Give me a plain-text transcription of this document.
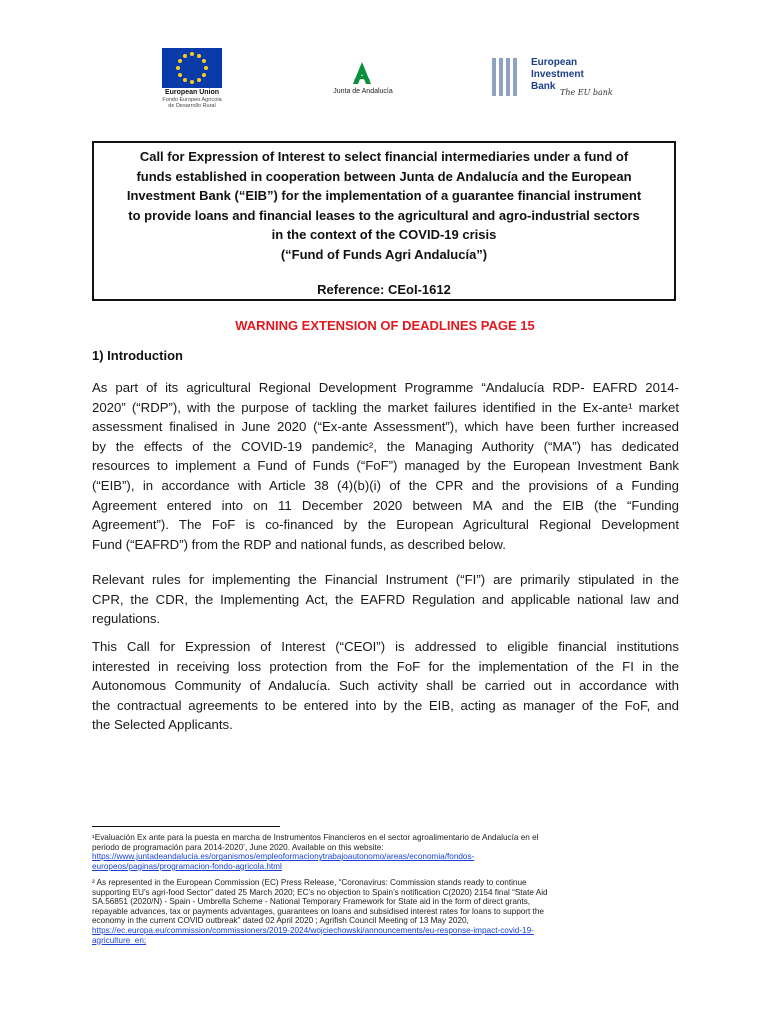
European Union
Fondo Europeo Agrícola
de Desarrollo Rural
Junta de Andalucía
European
Investment
Bank
The EU bank
Call for Expression of Interest to select financial intermediaries under a fund of
funds established in cooperation between Junta de Andalucía and the European
Investment Bank (“EIB”) for the implementation of a guarantee financial instrument
to provide loans and financial leases to the agricultural and agro-industrial sectors
in the context of the COVID-19 crisis
(“Fund of Funds Agri Andalucía”)
Reference: CEoI-1612
WARNING EXTENSION OF DEADLINES PAGE 15
1) Introduction
As part of its agricultural Regional Development Programme “Andalucía RDP- EAFRD 2014-
2020” (“RDP”), with the purpose of tackling the market failures identified in the Ex-ante¹ market
assessment finalised in June 2020 (“Ex-ante Assessment”), which have been further increased
by the effects of the COVID-19 pandemic², the Managing Authority (“MA”) has dedicated
resources to implement a Fund of Funds (“FoF”) managed by the European Investment Bank
(“EIB”), in accordance with Article 38 (4)(b)(i) of the CPR and the provisions of a Funding
Agreement entered into on 11 December 2020 between MA and the EIB (the “Funding
Agreement”). The FoF is co-financed by the European Agricultural Regional Development
Fund (“EAFRD”) from the RDP and national funds, as described below.
Relevant rules for implementing the Financial Instrument (“FI”) are primarily stipulated in the
CPR, the CDR, the Implementing Act, the EAFRD Regulation and applicable national law and
regulations.
This Call for Expression of Interest (“CEOI”) is addressed to eligible financial institutions
interested in receiving loss protection from the FoF for the implementation of the FI in the
Autonomous Community of Andalucía. Such activity shall be carried out in accordance with
the contractual agreements to be entered into by the EIB, acting as manager of the FoF, and
the Selected Applicants.
¹Evaluación Ex ante para la puesta en marcha de Instrumentos Financieros en el sector agroalimentario de Andalucía en el
periodo de programación para 2014-2020’, June 2020. Available on this website:
https://www.juntadeandalucia.es/organismos/empleoformacionytrabajoautonomo/areas/economia/fondos-
europeos/paginas/programacion-fondo-agricola.html
² As represented in the European Commission (EC) Press Release, “Coronavirus: Commission stands ready to continue
supporting EU’s agri-food Sector” dated 25 March 2020; EC’s no objection to Spain’s notification C(2020) 2154 final “State Aid
SA.56851 (2020/N) - Spain - Umbrella Scheme - National Temporary Framework for State aid in the form of direct grants,
repayable advances, tax or payments advantages, guarantees on loans and subsidised interest rates for loans to support the
economy in the current COVID outbreak” dated 02 April 2020 ; Agrifish Council Meeting of 13 May 2020,
https://ec.europa.eu/commission/commissioners/2019-2024/wojciechowski/announcements/eu-response-impact-covid-19-
agriculture_en;
